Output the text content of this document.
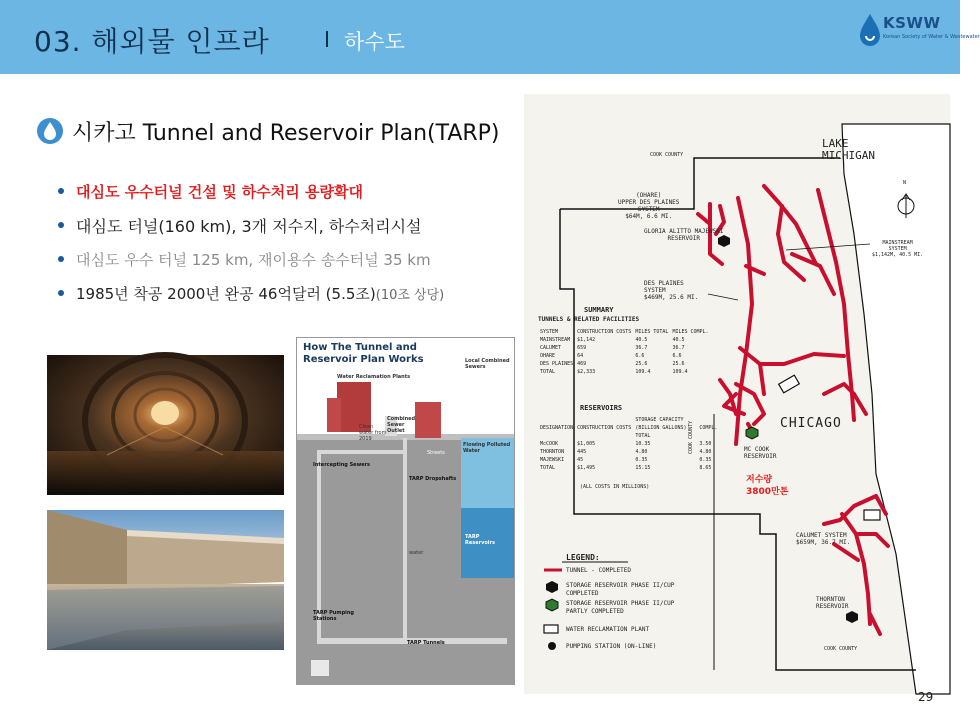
03. 해외물 인프라	하수도
KSWW
Korean Society of Water & Wastewater
시카고 Tunnel and Reservoir Plan(TARP)
대심도 우수터널 건설 및 하수처리 용량확대
대심도 터널(160 km), 3개 저수지, 하수처리시설
대심도 우수 터널 125 km, 재이용수 송수터널 35 km
1985년 착공 2000년 완공 46억달러 (5.5조)(10조 상당)
How The Tunnel and
Reservoir Plan Works
Water Reclamation Plants
Local Combined Sewers
Combined Sewer Outlet
Clean water from 2019
Intercepting Sewers
TARP Dropshafts
Flowing Polluted Water
TARP Reservoirs
TARP Pumping Stations
TARP Tunnels
water
Streets
LAKE
MICHIGAN
COOK COUNTY
COOK COUNTY
COOK COUNTY
N
(OHARE)
UPPER DES PLAINES
SYSTEM
$64M, 6.6 MI.
GLORIA ALITTO MAJEWSKI
RESERVOIR
MAINSTREAM
SYSTEM
$1,142M, 40.5 MI.
DES PLAINES
SYSTEM
$469M, 25.6 MI.
CHICAGO
MC COOK
RESERVOIR
저수량
3800만톤
CALUMET SYSTEM
$659M, 36.7 MI.
THORNTON
RESERVOIR
SUMMARY
TUNNELS & RELATED FACILITIES
SYSTEM	CONSTRUCTION COSTS	MILES TOTAL	MILES COMPL.
MAINSTREAM	$1,142	40.5	40.5
CALUMET	659	36.7	36.7
OHARE	64	6.6	6.6
DES PLAINES	469	25.6	25.6
TOTAL	$2,333	109.4	109.4
RESERVOIRS
DESIGNATION	CONSTRUCTION COSTS	STORAGE CAPACITY (BILLION GALLONS) TOTAL	COMPL.
McCOOK	$1,005	10.35	3.50
THORNTON	445	4.80	4.80
MAJEWSKI	45	0.35	0.35
TOTAL	$1,495	15.15	8.65
(ALL COSTS IN MILLIONS)
LEGEND:
TUNNEL - COMPLETED
STORAGE RESERVOIR PHASE II/CUP COMPLETED
STORAGE RESERVOIR PHASE II/CUP PARTLY COMPLETED
WATER RECLAMATION PLANT
PUMPING STATION (ON-LINE)
29
